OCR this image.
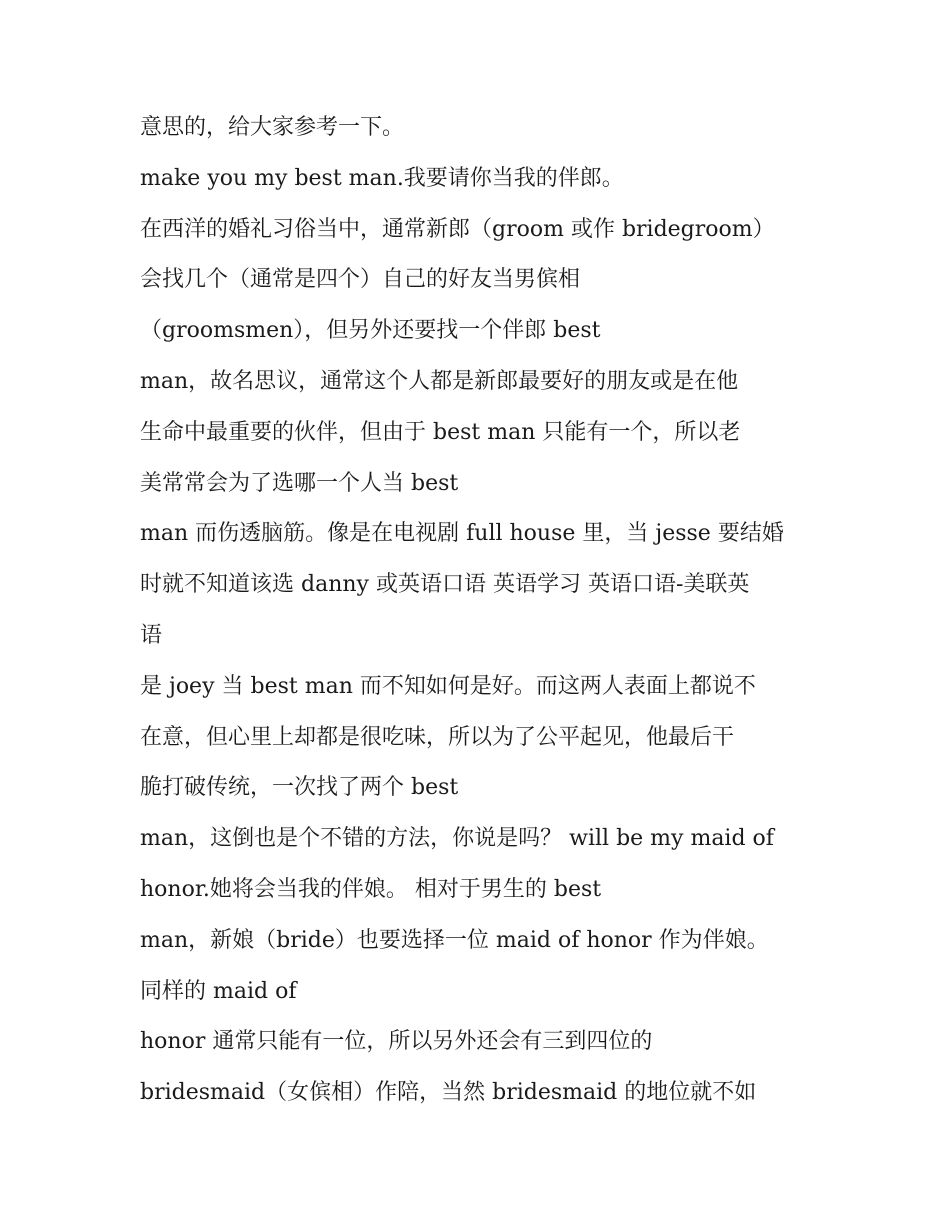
意思的，给大家参考一下。
make you my best man.我要请你当我的伴郎。
在西洋的婚礼习俗当中，通常新郎（groom 或作 bridegroom）
会找几个（通常是四个）自己的好友当男傧相
（groomsmen），但另外还要找一个伴郎 best
man，故名思议，通常这个人都是新郎最要好的朋友或是在他
生命中最重要的伙伴，但由于 best man 只能有一个，所以老
美常常会为了选哪一个人当 best
man 而伤透脑筋。像是在电视剧 full house 里，当 jesse 要结婚
时就不知道该选 danny 或英语口语 英语学习 英语口语-美联英
语
是 joey 当 best man 而不知如何是好。而这两人表面上都说不
在意，但心里上却都是很吃味，所以为了公平起见，他最后干
脆打破传统，一次找了两个 best
man，这倒也是个不错的方法，你说是吗？ will be my maid of
honor.她将会当我的伴娘。 相对于男生的 best
man，新娘（bride）也要选择一位 maid of honor 作为伴娘。
同样的 maid of
honor 通常只能有一位，所以另外还会有三到四位的
bridesmaid（女傧相）作陪，当然 bridesmaid 的地位就不如
